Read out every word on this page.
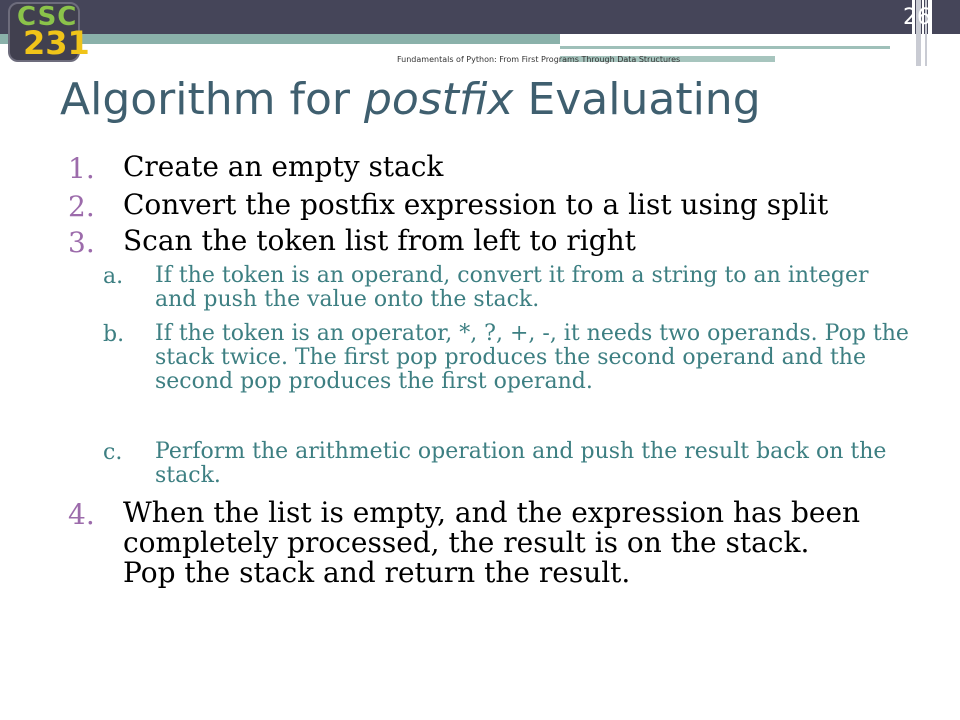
CSC
231
26
Fundamentals of Python: From First Programs Through Data Structures
Algorithm for postfix Evaluating
1. Create an empty stack
2. Convert the postfix expression to a list using split
3. Scan the token list from left to right
a. If the token is an operand, convert it from a string to an integer and push the value onto the stack.
b. If the token is an operator, *, ?, +, -, it needs two operands. Pop the stack twice. The first pop produces the second operand and the second pop produces the first operand.
c. Perform the arithmetic operation and push the result back on the stack.
4. When the list is empty, and the expression has been completely processed, the result is on the stack. Pop the stack and return the result.
